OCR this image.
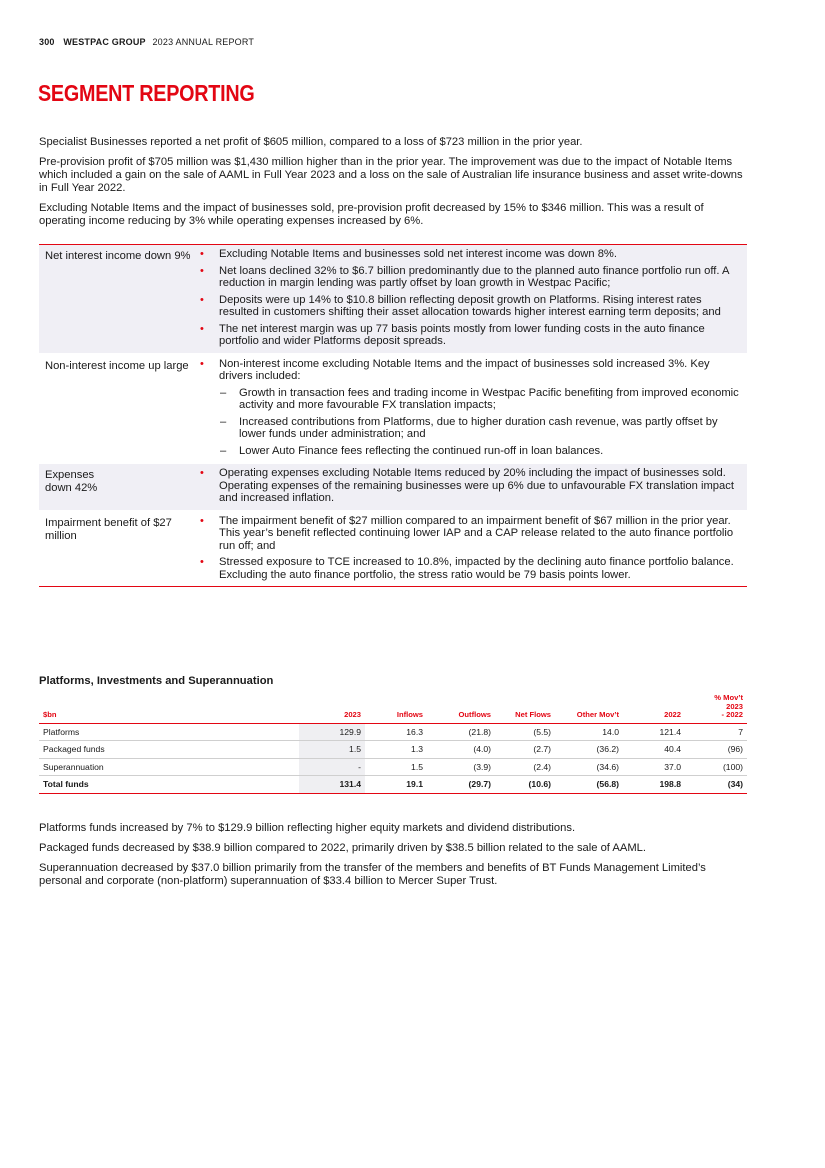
300 WESTPAC GROUP 2023 ANNUAL REPORT
SEGMENT REPORTING

Specialist Businesses reported a net profit of $605 million, compared to a loss of $723 million in the prior year.

Pre-provision profit of $705 million was $1,430 million higher than in the prior year. The improvement was due to the impact of Notable Items which included a gain on the sale of AAML in Full Year 2023 and a loss on the sale of Australian life insurance business and asset write-downs in Full Year 2022.

Excluding Notable Items and the impact of businesses sold, pre-provision profit decreased by 15% to $346 million. This was a result of operating income reducing by 3% while operating expenses increased by 6%.

Net interest income down 9%	• Excluding Notable Items and businesses sold net interest income was down 8%.
• Net loans declined 32% to $6.7 billion predominantly due to the planned auto finance portfolio run off. A reduction in margin lending was partly offset by loan growth in Westpac Pacific;
• Deposits were up 14% to $10.8 billion reflecting deposit growth on Platforms. Rising interest rates resulted in customers shifting their asset allocation towards higher interest earning term deposits; and
• The net interest margin was up 77 basis points mostly from lower funding costs in the auto finance portfolio and wider Platforms deposit spreads.
Non-interest income up large	• Non-interest income excluding Notable Items and the impact of businesses sold increased 3%. Key drivers included:
– Growth in transaction fees and trading income in Westpac Pacific benefiting from improved economic activity and more favourable FX translation impacts;
– Increased contributions from Platforms, due to higher duration cash revenue, was partly offset by lower funds under administration; and
– Lower Auto Finance fees reflecting the continued run-off in loan balances.
Expenses
down 42%
• Operating expenses excluding Notable Items reduced by 20% including the impact of businesses sold. Operating expenses of the remaining businesses were up 6% due to unfavourable FX translation impact and increased inflation.
Impairment benefit of $27 million
• The impairment benefit of $27 million compared to an impairment benefit of $67 million in the prior year. This year’s benefit reflected continuing lower IAP and a CAP release related to the auto finance portfolio run off; and
• Stressed exposure to TCE increased to 10.8%, impacted by the declining auto finance portfolio balance. Excluding the auto finance portfolio, the stress ratio would be 79 basis points lower.
Platforms, Investments and Superannuation
$bn	2023	Inflows	Outflows	Net Flows	Other Mov’t	2022	% Mov’t
2023
- 2022

Platforms	129.9	16.3	(21.8)	(5.5)	14.0	121.4	7
Packaged funds	1.5	1.3	(4.0)	(2.7)	(36.2)	40.4	(96)
Superannuation	-	1.5	(3.9)	(2.4)	(34.6)	37.0	(100)
Total funds	131.4	19.1	(29.7)	(10.6)	(56.8)	198.8	(34)

Platforms funds increased by 7% to $129.9 billion reflecting higher equity markets and dividend distributions.

Packaged funds decreased by $38.9 billion compared to 2022, primarily driven by $38.5 billion related to the sale of AAML.

Superannuation decreased by $37.0 billion primarily from the transfer of the members and benefits of BT Funds Management Limited’s personal and corporate (non-platform) superannuation of $33.4 billion to Mercer Super Trust.
